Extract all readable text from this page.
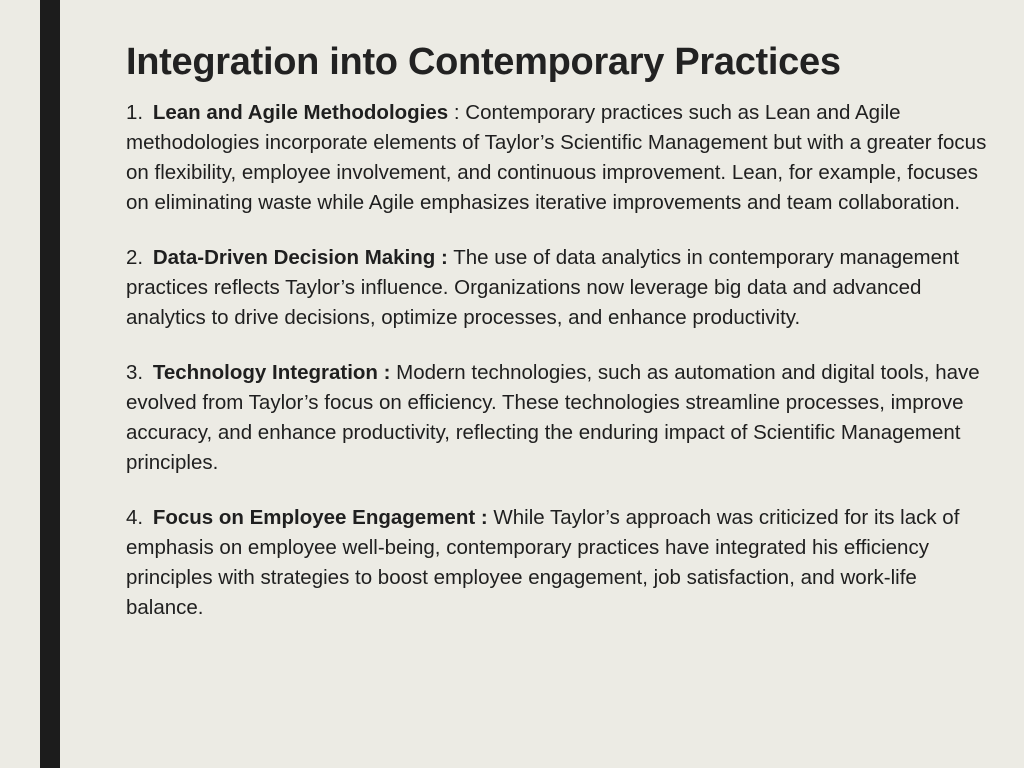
Integration into Contemporary Practices

1. Lean and Agile Methodologies : Contemporary practices such as Lean and Agile methodologies incorporate elements of Taylor’s Scientific Management but with a greater focus on flexibility, employee involvement, and continuous improvement. Lean, for example, focuses on eliminating waste while Agile emphasizes iterative improvements and team collaboration.

2. Data-Driven Decision Making : The use of data analytics in contemporary management practices reflects Taylor’s influence. Organizations now leverage big data and advanced analytics to drive decisions, optimize processes, and enhance productivity.

3. Technology Integration : Modern technologies, such as automation and digital tools, have evolved from Taylor’s focus on efficiency. These technologies streamline processes, improve accuracy, and enhance productivity, reflecting the enduring impact of Scientific Management principles.

4. Focus on Employee Engagement : While Taylor’s approach was criticized for its lack of emphasis on employee well-being, contemporary practices have integrated his efficiency principles with strategies to boost employee engagement, job satisfaction, and work-life balance.
